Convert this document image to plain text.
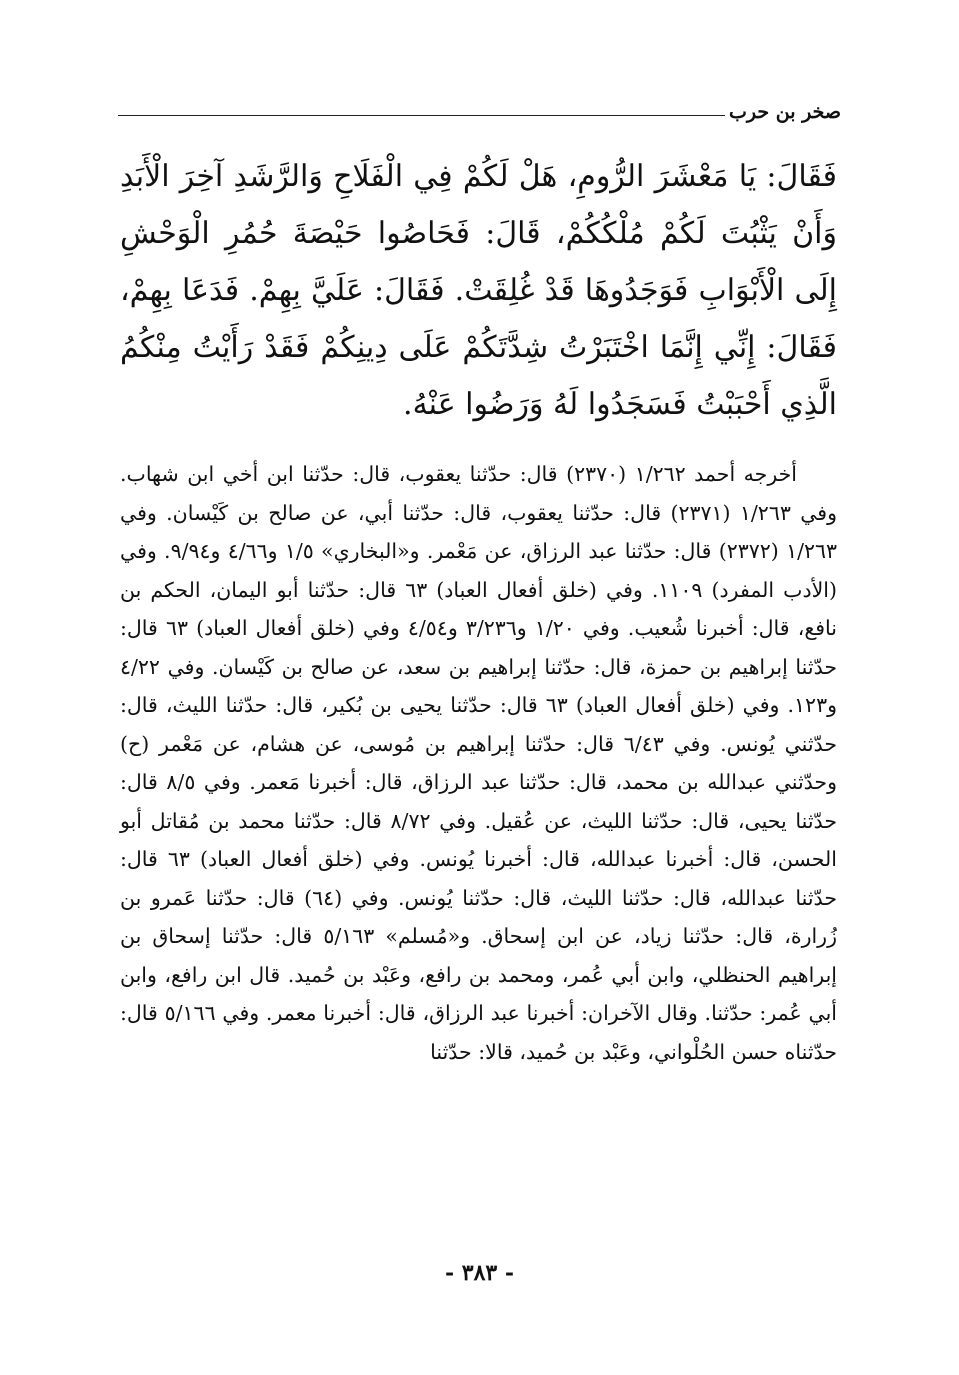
صخر بن حرب
فَقَالَ: يَا مَعْشَرَ الرُّومِ، هَلْ لَكُمْ فِي الْفَلَاحِ وَالرَّشَدِ آخِرَ الْأَبَدِ وَأَنْ يَثْبُتَ لَكُمْ مُلْكُكُمْ، قَالَ: فَحَاصُوا حَيْصَةَ حُمُرِ الْوَحْشِ إِلَى الْأَبْوَابِ فَوَجَدُوهَا قَدْ غُلِقَتْ. فَقَالَ: عَلَيَّ بِهِمْ. فَدَعَا بِهِمْ، فَقَالَ: إِنِّي إِنَّمَا اخْتَبَرْتُ شِدَّتَكُمْ عَلَى دِينِكُمْ فَقَدْ رَأَيْتُ مِنْكُمُ الَّذِي أَحْبَبْتُ فَسَجَدُوا لَهُ وَرَضُوا عَنْهُ.

أخرجه أحمد ١/٢٦٢ (٢٣٧٠) قال: حدّثنا يعقوب، قال: حدّثنا ابن أخي ابن شهاب. وفي ١/٢٦٣ (٢٣٧١) قال: حدّثنا يعقوب، قال: حدّثنا أبي، عن صالح بن كَيْسان. وفي ١/٢٦٣ (٢٣٧٢) قال: حدّثنا عبد الرزاق، عن مَعْمر. و«البخاري» ١/٥ و٤/٦٦ و٩/٩٤. وفي (الأدب المفرد) ١١٠٩. وفي (خلق أفعال العباد) ٦٣ قال: حدّثنا أبو اليمان، الحكم بن نافع، قال: أخبرنا شُعيب. وفي ١/٢٠ و٣/٢٣٦ و٤/٥٤ وفي (خلق أفعال العباد) ٦٣ قال: حدّثنا إبراهيم بن حمزة، قال: حدّثنا إبراهيم بن سعد، عن صالح بن كَيْسان. وفي ٤/٢٢ و١٢٣. وفي (خلق أفعال العباد) ٦٣ قال: حدّثنا يحيى بن بُكير، قال: حدّثنا الليث، قال: حدّثني يُونس. وفي ٦/٤٣ قال: حدّثنا إبراهيم بن مُوسى، عن هشام، عن مَعْمر (ح) وحدّثني عبدالله بن محمد، قال: حدّثنا عبد الرزاق، قال: أخبرنا مَعمر. وفي ٨/٥ قال: حدّثنا يحيى، قال: حدّثنا الليث، عن عُقيل. وفي ٨/٧٢ قال: حدّثنا محمد بن مُقاتل أبو الحسن، قال: أخبرنا عبدالله، قال: أخبرنا يُونس. وفي (خلق أفعال العباد) ٦٣ قال: حدّثنا عبدالله، قال: حدّثنا الليث، قال: حدّثنا يُونس. وفي (٦٤) قال: حدّثنا عَمرو بن زُرارة، قال: حدّثنا زياد، عن ابن إسحاق. و«مُسلم» ٥/١٦٣ قال: حدّثنا إسحاق بن إبراهيم الحنظلي، وابن أبي عُمر، ومحمد بن رافع، وعَبْد بن حُميد. قال ابن رافع، وابن أبي عُمر: حدّثنا. وقال الآخران: أخبرنا عبد الرزاق، قال: أخبرنا معمر. وفي ٥/١٦٦ قال: حدّثناه حسن الحُلْواني، وعَبْد بن حُميد، قالا: حدّثنا

- ٣٨٣ -
